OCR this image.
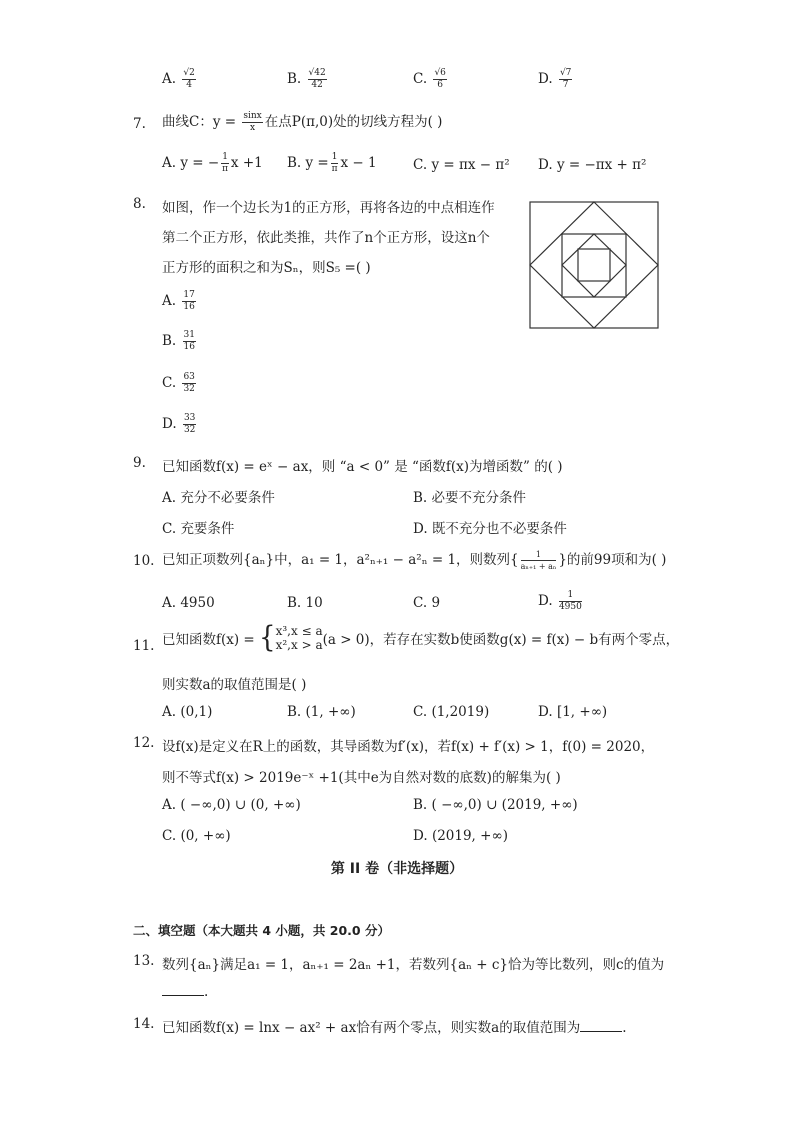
A. $\frac{√2}{4}$	B. $\frac{√42}{42}$	C. $\frac{√6}{6}$	D. $\frac{√7}{7}$
7. 曲线C：$y = \frac{\sin x}{x}$ 在点P(π,0)处的切线方程为( )
A. y = − $\frac{1}{\pi}$ x +1 B. $y = \frac{1}{\pi}$ x − 1	C. y = πx − π² D. y = −πx + π²
8. 如图，作一个边长为1的正方形，再将各边的中点相连作
第二个正方形，依此类推，共作了n个正方形，设这n个
正方形的面积之和为Sₙ，则S₅ =( )
A. $\frac{17}{16}$
B. $\frac{31}{16}$
C. $\frac{63}{32}$
D. $\frac{33}{32}$
9. 已知函数f(x) = eˣ − ax，则 “a < 0” 是 “函数f(x)为增函数” 的( )
A. 充分不必要条件	B. 必要不充分条件
C. 充要条件	D. 既不充分也不必要条件
10. 已知正项数列{aₙ}中，a₁ = 1，a²ₙ₊₁ − a²ₙ = 1，则数列{ $\frac{1}{\text{aₙ₊₁ + aₙ}}$ }的前99项和为( )
A. 4950	B. 10	C. 9	D. $\frac{1}{4950}$
11. 已知函数f(x) = { x³,x ≤ a
x²,x > a (a > 0)，若存在实数b使函数g(x) = f(x) − b有两个零点，
则实数a的取值范围是( )
A. (0,1)	B. (1, +∞)	C. (1,2019)	D. [1, +∞)
12. 设f(x)是定义在R上的函数，其导函数为f′(x)，若f(x) + f′(x) > 1，f(0) = 2020，
则不等式f(x) > 2019e⁻ˣ +1(其中e为自然对数的底数)的解集为( )
A. ( −∞,0) ∪ (0, +∞)	B. ( −∞,0) ∪ (2019, +∞)
C. (0, +∞)	D. (2019, +∞)
第 II 卷（非选择题）
二、填空题（本大题共 4 小题，共 20.0 分）
13. 数列{aₙ}满足a₁ = 1，aₙ₊₁ = 2aₙ +1，若数列{aₙ + c}恰为等比数列，则c的值为
.
14. 已知函数f(x) = lnx − ax² + ax恰有两个零点，则实数a的取值范围为	.
